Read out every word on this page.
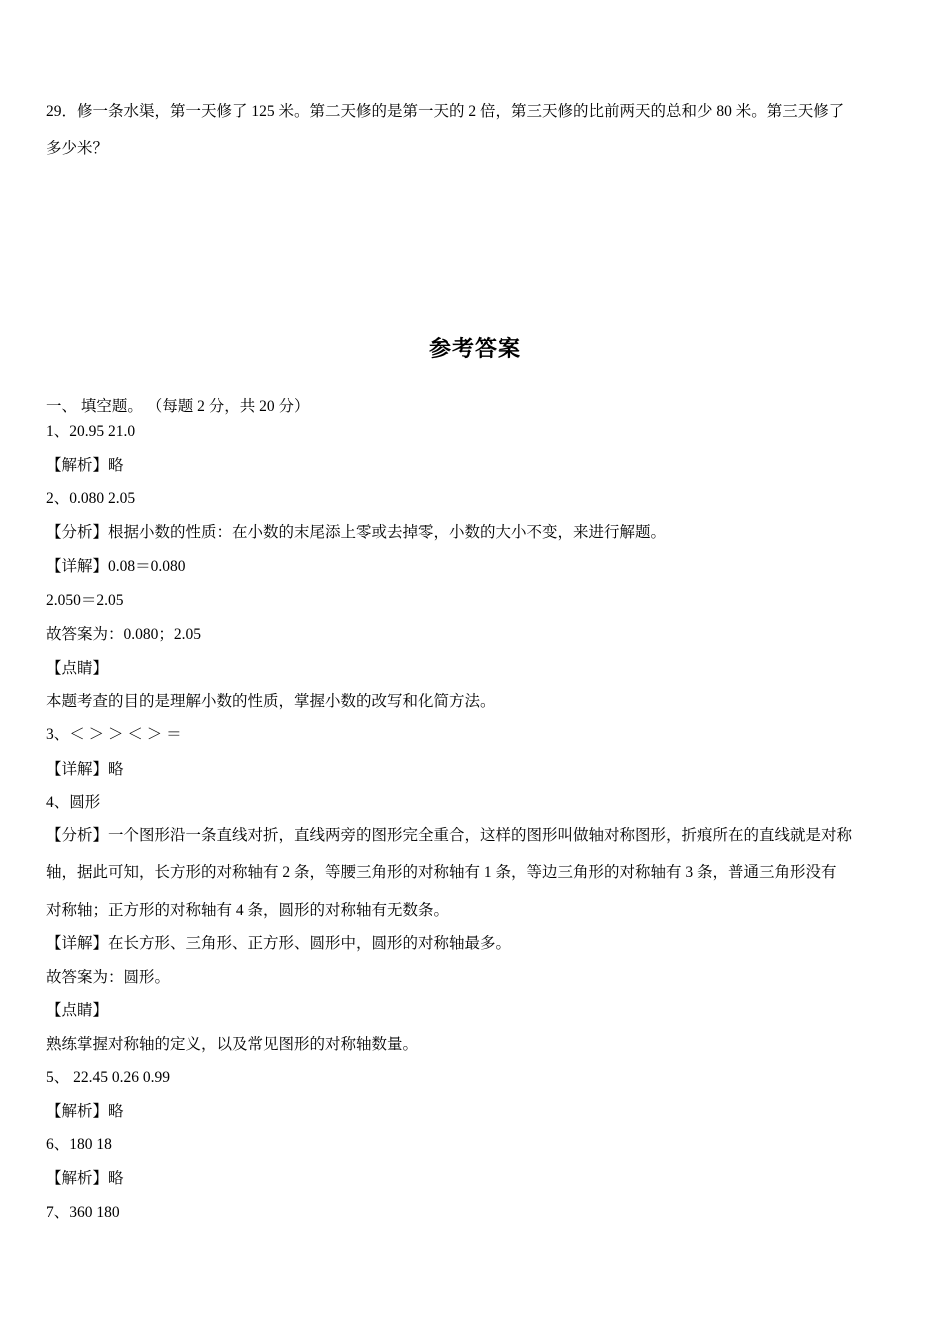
29．修一条水渠，第一天修了 125 米。第二天修的是第一天的 2 倍，第三天修的比前两天的总和少 80 米。第三天修了
多少米？
参考答案
一、 填空题。 （每题 2 分，共 20 分）
1、20.95 21.0
【解析】略
2、0.080 2.05
【分析】根据小数的性质：在小数的末尾添上零或去掉零，小数的大小不变，来进行解题。
【详解】0.08＝0.080
2.050＝2.05
故答案为：0.080；2.05
【点睛】
本题考查的目的是理解小数的性质，掌握小数的改写和化简方法。
3、＜ ＞ ＞ ＜ ＞ ＝
【详解】略
4、圆形
【分析】一个图形沿一条直线对折，直线两旁的图形完全重合，这样的图形叫做轴对称图形，折痕所在的直线就是对称
轴，据此可知，长方形的对称轴有 2 条，等腰三角形的对称轴有 1 条，等边三角形的对称轴有 3 条，普通三角形没有
对称轴；正方形的对称轴有 4 条，圆形的对称轴有无数条。
【详解】在长方形、三角形、正方形、圆形中，圆形的对称轴最多。
故答案为：圆形。
【点睛】
熟练掌握对称轴的定义，以及常见图形的对称轴数量。
5、 22.45 0.26 0.99
【解析】略
6、180 18
【解析】略
7、360 180
